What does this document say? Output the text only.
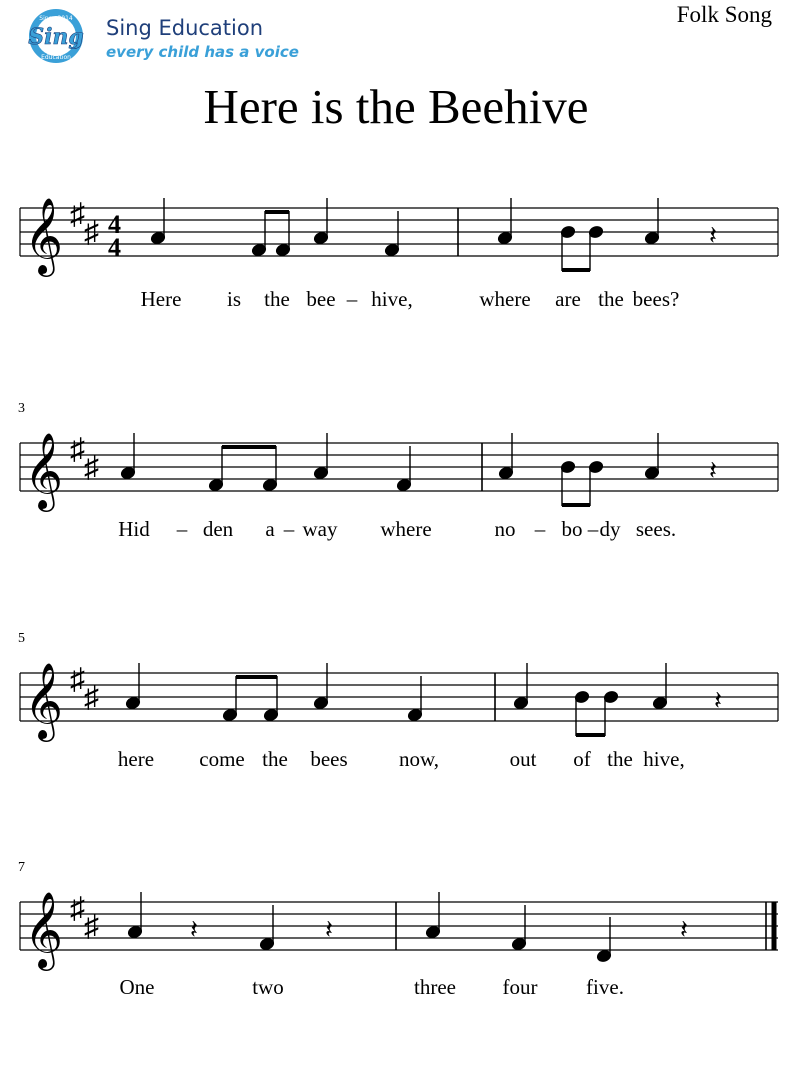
Since 2014
Education
Sing Sing Education
every child has a voice
Folk Song
Here is the Beehive
𝄞 ♯
♯ 4
4	𝄽
Here is the bee – hive,	where are the bees?
3
𝄞 ♯
♯	𝄽
Hid – den a – way where	no – bo – dy sees.
5
𝄞 ♯
♯	𝄽
here come the bees now,	out of the hive,
7
𝄞 ♯
♯	𝄽	𝄽	𝄽
One	two	three four five.
